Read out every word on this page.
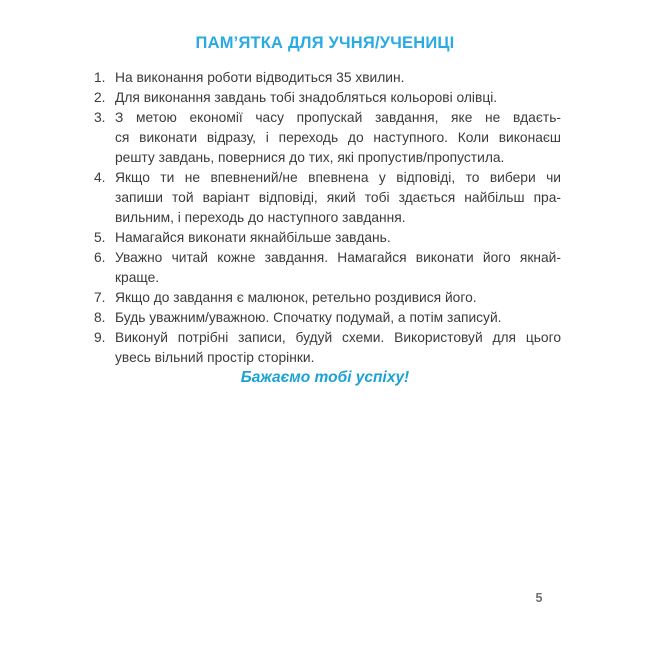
ПАМ’ЯТКА ДЛЯ УЧНЯ/УЧЕНИЦІ
1. На виконання роботи відводиться 35 хвилин.
2. Для виконання завдань тобі знадобляться кольорові олівці.
3. З метою економії часу пропускай завдання, яке не вдаєть-
ся виконати відразу, і переходь до наступного. Коли виконаєш
решту завдань, повернися до тих, які пропустив/пропустила.
4. Якщо ти не впевнений/не впевнена у відповіді, то вибери чи
запиши той варіант відповіді, який тобі здається найбільш пра-
вильним, і переходь до наступного завдання.
5. Намагайся виконати якнайбільше завдань.
6. Уважно читай кожне завдання. Намагайся виконати його якнай-
краще.
7. Якщо до завдання є малюнок, ретельно роздивися його.
8. Будь уважним/уважною. Спочатку подумай, а потім записуй.
9. Виконуй потрібні записи, будуй схеми. Використовуй для цього
увесь вільний простір сторінки.

Бажаємо тобі успіху!

5
